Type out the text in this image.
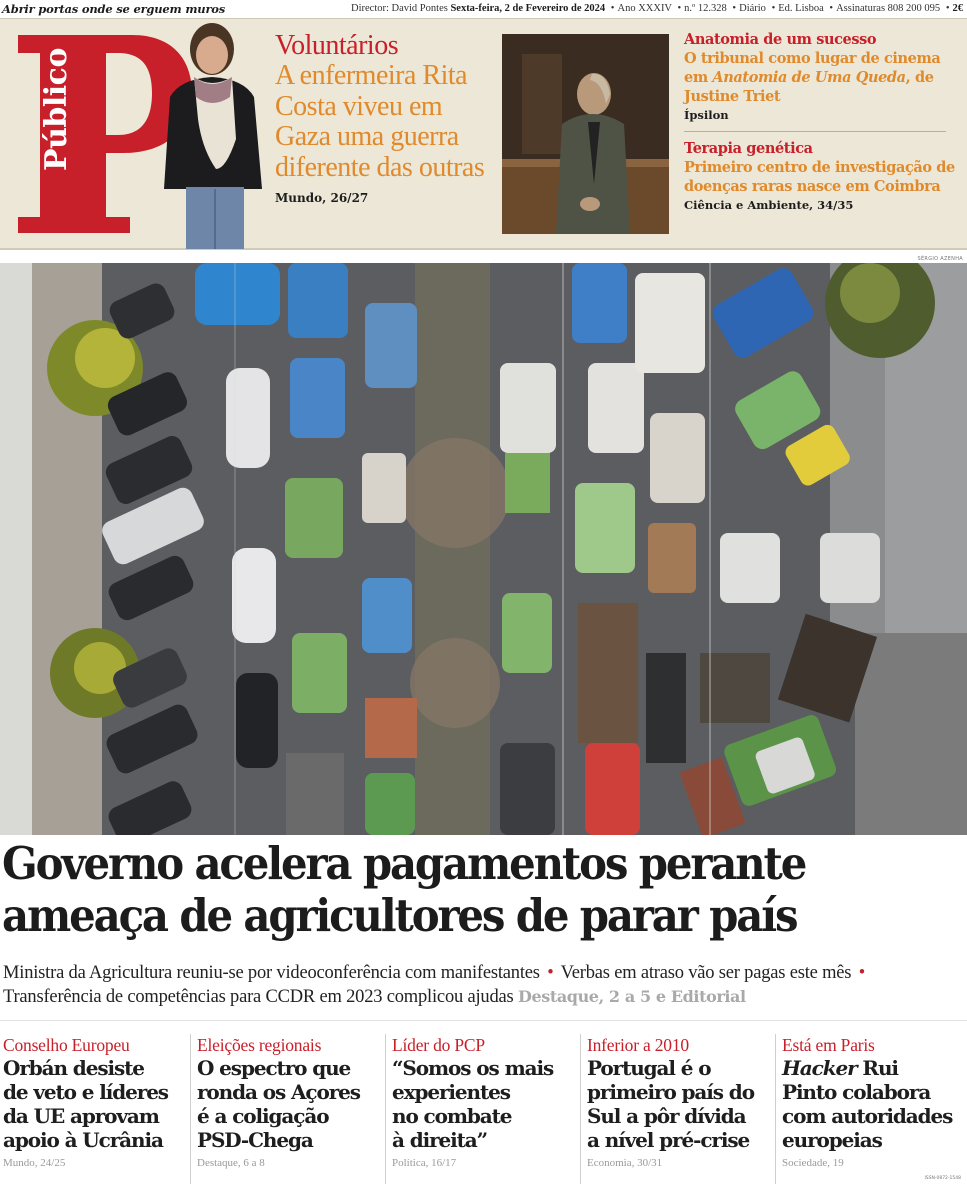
Abrir portas onde se erguem muros	Director: David Pontes Sexta-feira, 2 de Fevereiro de 2024 • Ano XXXIV • n.º 12.328 • Diário • Ed. Lisboa • Assinaturas 808 200 095 • 2€
Público
Voluntários
A enfermeira Rita Costa viveu em Gaza uma guerra diferente das outras
Mundo, 26/27
Anatomia de um sucesso
O tribunal como lugar de cinema em Anatomia de Uma Queda, de Justine Triet
Ípsilon
Terapia genética
Primeiro centro de investigação de doenças raras nasce em Coimbra
Ciência e Ambiente, 34/35
SÉRGIO AZENHA
Governo acelera pagamentos perante
ameaça de agricultores de parar país

Ministra da Agricultura reuniu-se por videoconferência com manifestantes • Verbas em atraso vão ser pagas este mês • Transferência de competências para CCDR em 2023 complicou ajudas Destaque, 2 a 5 e Editorial

Conselho Europeu
Orbán desiste
de veto e líderes
da UE aprovam
apoio à Ucrânia
Mundo, 24/25
Eleições regionais
O espectro que
ronda os Açores
é a coligação
PSD-Chega
Destaque, 6 a 8
Líder do PCP
“Somos os mais
experientes
no combate
à direita”
Política, 16/17
Inferior a 2010
Portugal é o
primeiro país do
Sul a pôr dívida
a nível pré-crise
Economia, 30/31
Está em Paris
Hacker Rui
Pinto colabora
com autoridades
europeias
Sociedade, 19
ISSN-0872-1548
